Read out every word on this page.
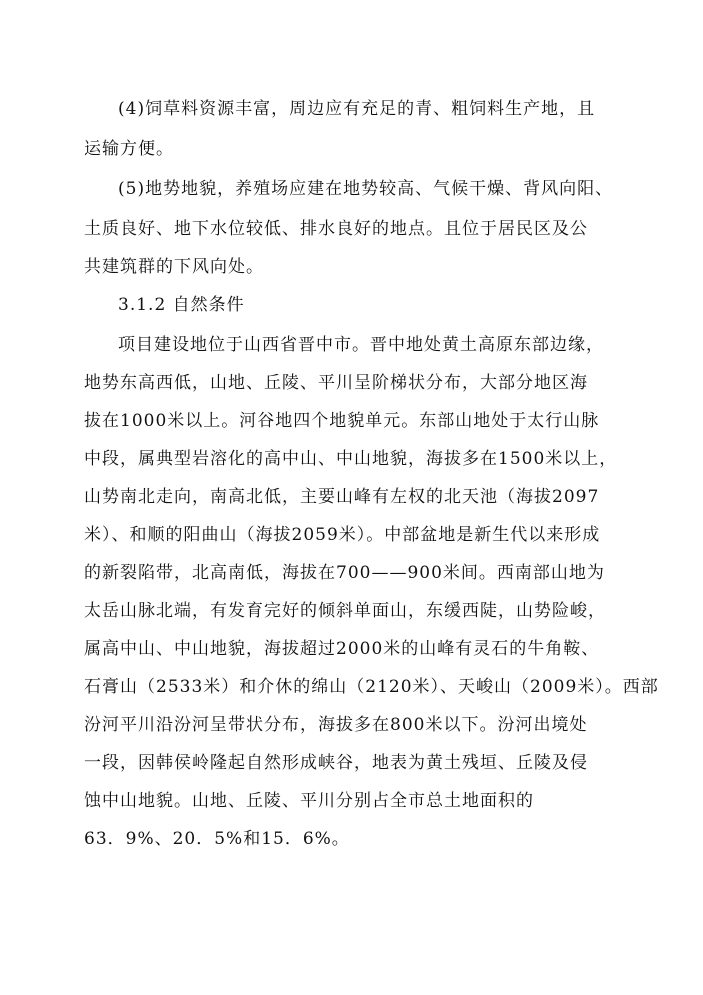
(4)饲草料资源丰富，周边应有充足的青、粗饲料生产地，且
运输方便。
(5)地势地貌，养殖场应建在地势较高、气候干燥、背风向阳、
土质良好、地下水位较低、排水良好的地点。且位于居民区及公
共建筑群的下风向处。
3.1.2 自然条件
项目建设地位于山西省晋中市。晋中地处黄土高原东部边缘，
地势东高西低，山地、丘陵、平川呈阶梯状分布，大部分地区海
拔在1000米以上。河谷地四个地貌单元。东部山地处于太行山脉
中段，属典型岩溶化的高中山、中山地貌，海拔多在1500米以上，
山势南北走向，南高北低，主要山峰有左权的北天池（海拔2097
米）、和顺的阳曲山（海拔2059米）。中部盆地是新生代以来形成
的新裂陷带，北高南低，海拔在700——900米间。西南部山地为
太岳山脉北端，有发育完好的倾斜单面山，东缓西陡，山势险峻，
属高中山、中山地貌，海拔超过2000米的山峰有灵石的牛角鞍、
石膏山（2533米）和介休的绵山（2120米）、天峻山（2009米）。西部
汾河平川沿汾河呈带状分布，海拔多在800米以下。汾河出境处
一段，因韩侯岭隆起自然形成峡谷，地表为黄土残垣、丘陵及侵
蚀中山地貌。山地、丘陵、平川分别占全市总土地面积的
63．9%、20．5%和15．6%。
